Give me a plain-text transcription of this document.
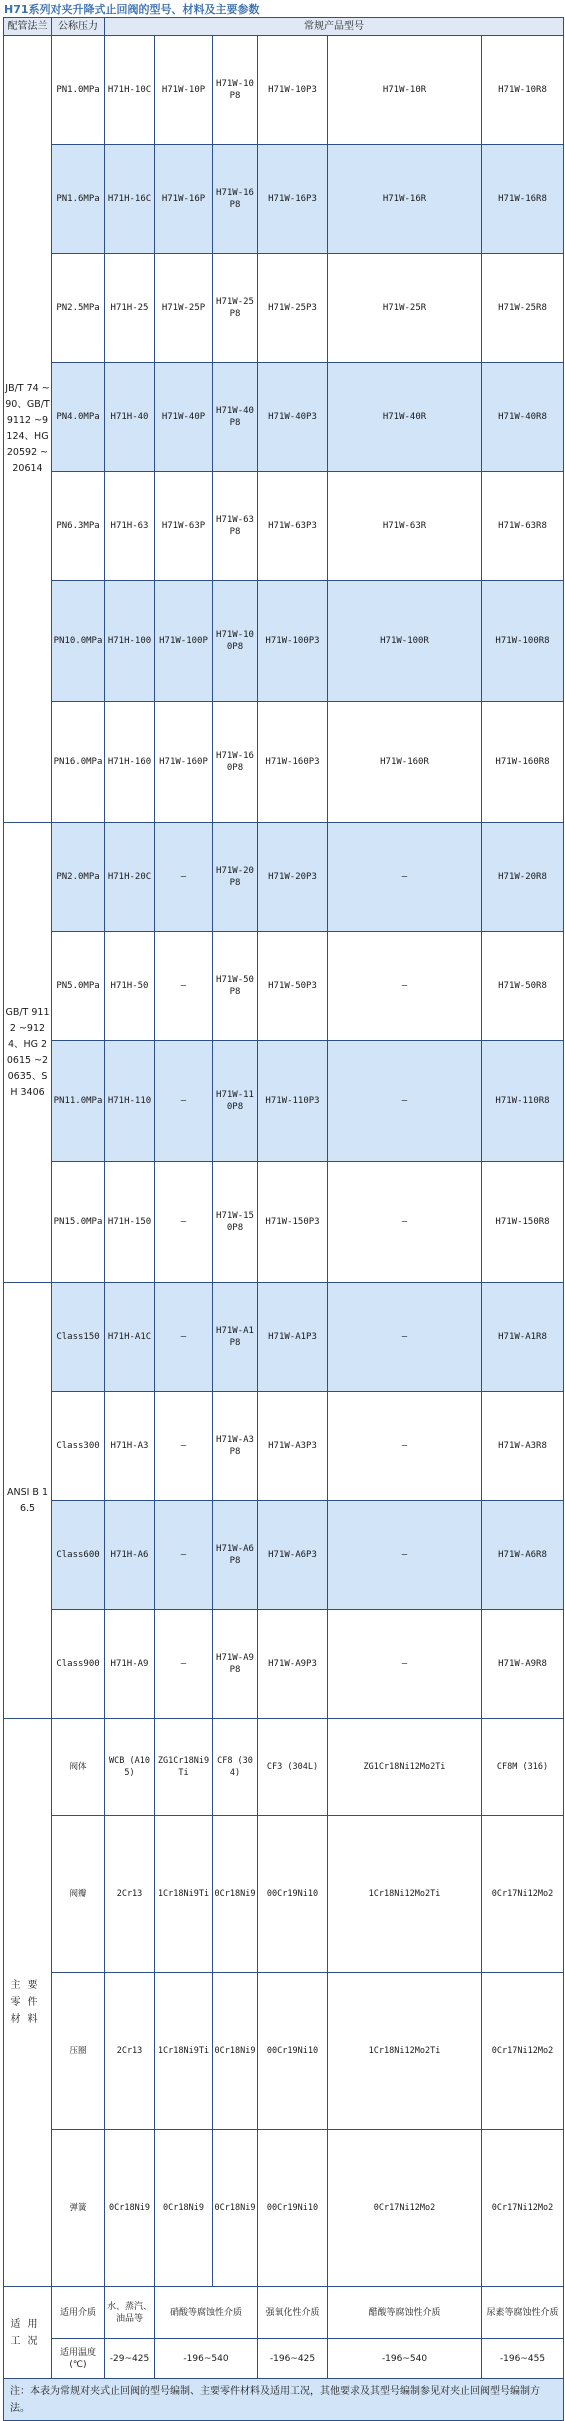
H71系列对夹升降式止回阀的型号、材料及主要参数
配管法兰	公称压力	常规产品型号						
JB/T 74 ~90、GB/T 9112 ~9124、HG 20592 ~20614	PN1.0MPa	H71H-10C	H71W-10P	H71W-10P8	H71W-10P3	H71W-10R	H71W-10R8	
	PN1.6MPa	H71H-16C	H71W-16P	H71W-16P8	H71W-16P3	H71W-16R	H71W-16R8	
	PN2.5MPa	H71H-25	H71W-25P	H71W-25P8	H71W-25P3	H71W-25R	H71W-25R8	
	PN4.0MPa	H71H-40	H71W-40P	H71W-40P8	H71W-40P3	H71W-40R	H71W-40R8	
	PN6.3MPa	H71H-63	H71W-63P	H71W-63P8	H71W-63P3	H71W-63R	H71W-63R8	
	PN10.0MPa	H71H-100	H71W-100P	H71W-100P8	H71W-100P3	H71W-100R	H71W-100R8	
	PN16.0MPa	H71H-160	H71W-160P	H71W-160P8	H71W-160P3	H71W-160R	H71W-160R8	
GB/T 9112 ~9124、HG 20615 ~20635、SH 3406	PN2.0MPa	H71H-20C	—	H71W-20P8	H71W-20P3	—	H71W-20R8	
	PN5.0MPa	H71H-50	—	H71W-50P8	H71W-50P3	—	H71W-50R8	
	PN11.0MPa	H71H-110	—	H71W-110P8	H71W-110P3	—	H71W-110R8	
	PN15.0MPa	H71H-150	—	H71W-150P8	H71W-150P3	—	H71W-150R8	
ANSI B 16.5	Class150	H71H-A1C	—	H71W-A1P8	H71W-A1P3	—	H71W-A1R8	
	Class300	H71H-A3	—	H71W-A3P8	H71W-A3P3	—	H71W-A3R8	
	Class600	H71H-A6	—	H71W-A6P8	H71W-A6P3	—	H71W-A6R8	
	Class900	H71H-A9	—	H71W-A9P8	H71W-A9P3	—	H71W-A9R8	
主要零件材料	阀体	WCB (A105)	ZG1Cr18Ni9Ti	CF8 (304)	CF3 (304L)	ZG1Cr18Ni12Mo2Ti	CF8M (316)	
	阀瓣	2Cr13	1Cr18Ni9Ti	0Cr18Ni9	00Cr19Ni10	1Cr18Ni12Mo2Ti	0Cr17Ni12Mo2	
	压圈	2Cr13	1Cr18Ni9Ti	0Cr18Ni9	00Cr19Ni10	1Cr18Ni12Mo2Ti	0Cr17Ni12Mo2	
	弹簧	0Cr18Ni9	0Cr18Ni9	0Cr18Ni9	00Cr19Ni10	0Cr17Ni12Mo2	0Cr17Ni12Mo2	
适用工况	适用介质	水、蒸汽、油品等	硝酸等腐蚀性介质		强氧化性介质	醋酸等腐蚀性介质	尿素等腐蚀性介质	
	适用温度(℃)	-29~425	-196~540		-196~425	-196~540	-196~455	
注：本表为常规对夹式止回阀的型号编制、主要零件材料及适用工况，其他要求及其型号编制参见对夹止回阀型号编制方法。								
